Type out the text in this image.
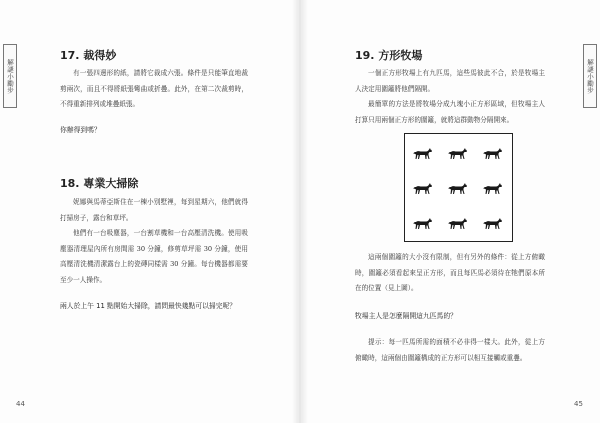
解謎小勵步	解謎小勵步
17. 裁得妙

有一張四邊形的紙，請將它裁成六張。條件是只能筆直地裁剪兩次，而且不得將紙張彎曲或折疊。此外，在第二次裁剪時，不得重新排列或堆疊紙張。

你辦得到嗎？

18. 專業大掃除

妮娜與馬蒂亞斯住在一棟小別墅裡，每到星期六，他們就得打掃房子，露台和草坪。

他們有一台吸塵器，一台割草機和一台高壓清洗機。使用吸塵器清理屋內所有房間需 30 分鐘，修剪草坪需 30 分鐘，使用高壓清洗機清潔露台上的瓷磚同樣需 30 分鐘。每台機器都需要至少一人操作。

兩人於上午 11 點開始大掃除，請問最快幾點可以掃完呢？

44
19. 方形牧場

一個正方形牧場上有九匹馬，這些馬彼此不合，於是牧場主人決定用圍籬將他們隔開。

最簡單的方法是將牧場分成九塊小正方形區域，但牧場主人打算只用兩個正方形的圍籬，就將這群動物分隔開來。

這兩個圍籬的大小沒有限制，但有另外的條件：從上方俯瞰時，圍籬必須看起來呈正方形，而且每匹馬必須待在牠們原本所在的位置（見上圖）。

牧場主人是怎麼隔開這九匹馬的？

提示：每一匹馬所需的面積不必非得一樣大。此外，從上方俯瞰時，這兩個由圍籬構成的正方形可以相互接觸或重疊。

45
